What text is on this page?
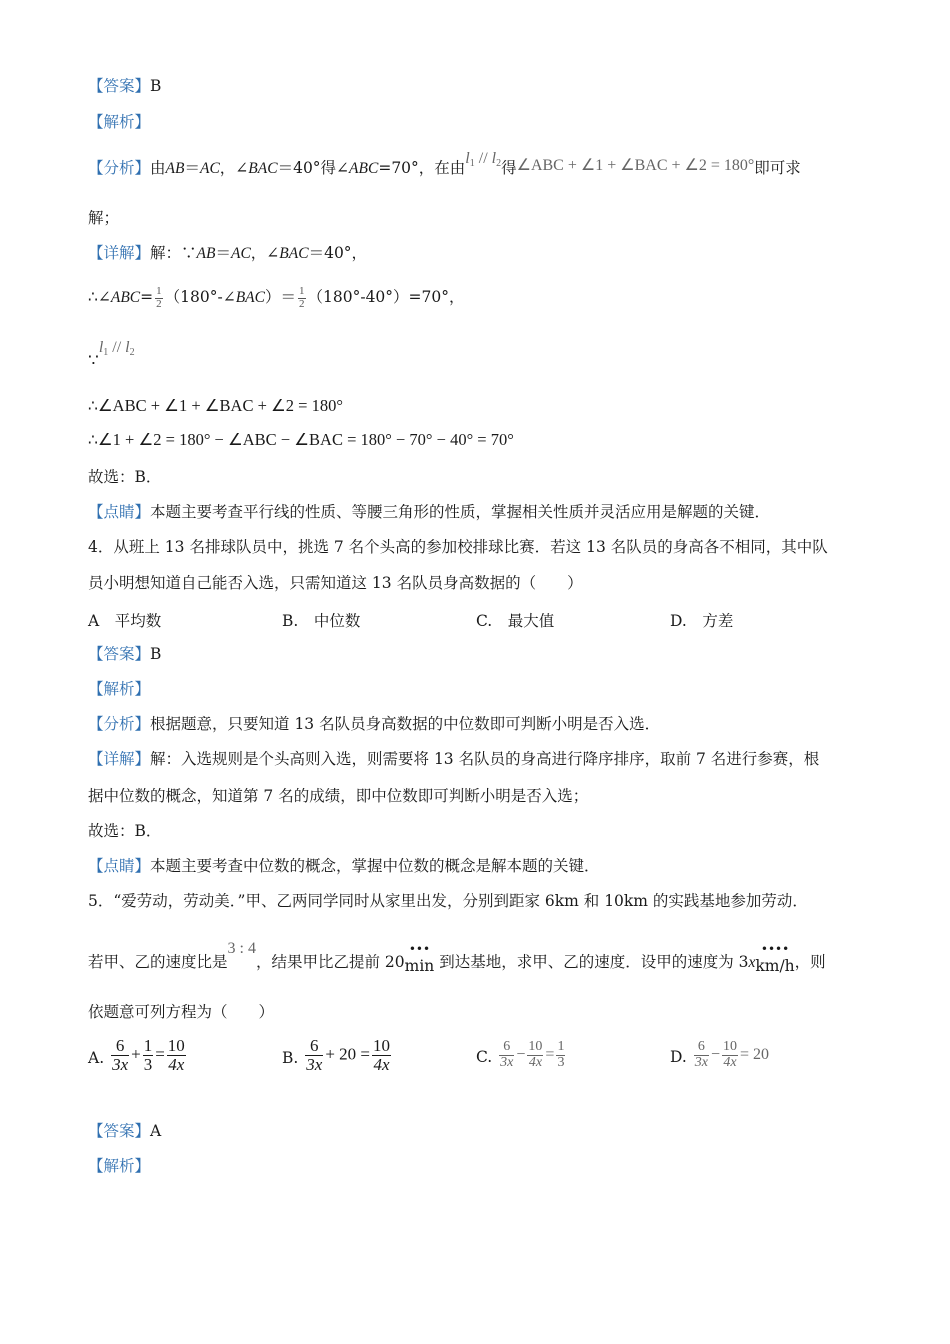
【答案】B
【解析】
【分析】由AB＝AC，∠BAC＝40°得∠ABC=70°，在由$l_1 // l_2$得∠ABC + ∠1 + ∠BAC + ∠2 = 180°即可求
解；
【详解】解：∵AB＝AC，∠BAC＝40°，
∴∠ABC= $\frac{1}{2}$ （180°-∠BAC）＝ $\frac{1}{2} (180^\circ-40^\circ)=70^\circ$，
$\because l_1 // l_2$
∴∠ABC + ∠1 + ∠BAC + ∠2 = 180°
∴∠1 + ∠2 = 180° − ∠ABC − ∠BAC = 180° − 70° − 40° = 70°
故选：B．
【点睛】本题主要考查平行线的性质、等腰三角形的性质，掌握相关性质并灵活应用是解题的关键．
4．从班上 13 名排球队员中，挑选 7 名个头高的参加校排球比赛．若这 13 名队员的身高各不相同，其中队
员小明想知道自己能否入选，只需知道这 13 名队员身高数据的（　　）
A　 平均数	B.　 中位数	C.　 最大值	D.　 方差
【答案】B
【解析】
【分析】根据题意，只要知道 13 名队员身高数据的中位数即可判断小明是否入选．
【详解】解：入选规则是个头高则入选，则需要将 13 名队员的身高进行降序排序，取前 7 名进行参赛，根
据中位数的概念，知道第 7 名的成绩，即中位数即可判断小明是否入选；
故选：B．
【点睛】本题主要考查中位数的概念，掌握中位数的概念是解本题的关键．
5．“爱劳动，劳动美．”甲、乙两同学同时从家里出发，分别到距家 6km 和 10km 的实践基地参加劳动．
若甲、乙的速度比是3 : 4，结果甲比乙提前 20
•••
min 到达基地，求甲、乙的速度．设甲的速度为 3x
••••
km/h，则
依题意可列方程为（　　）
A. $\frac{6}{3x} + \frac{1}{3} = \frac{10}{4x}$	B. $\frac{6}{3x} + 20 = \frac{10}{4x}$	C. $\frac{6}{3x} - \frac{10}{4x} = \frac{1}{3}$	D. $\frac{6}{3x} - \frac{10}{4x} = 20$
【答案】A
【解析】
